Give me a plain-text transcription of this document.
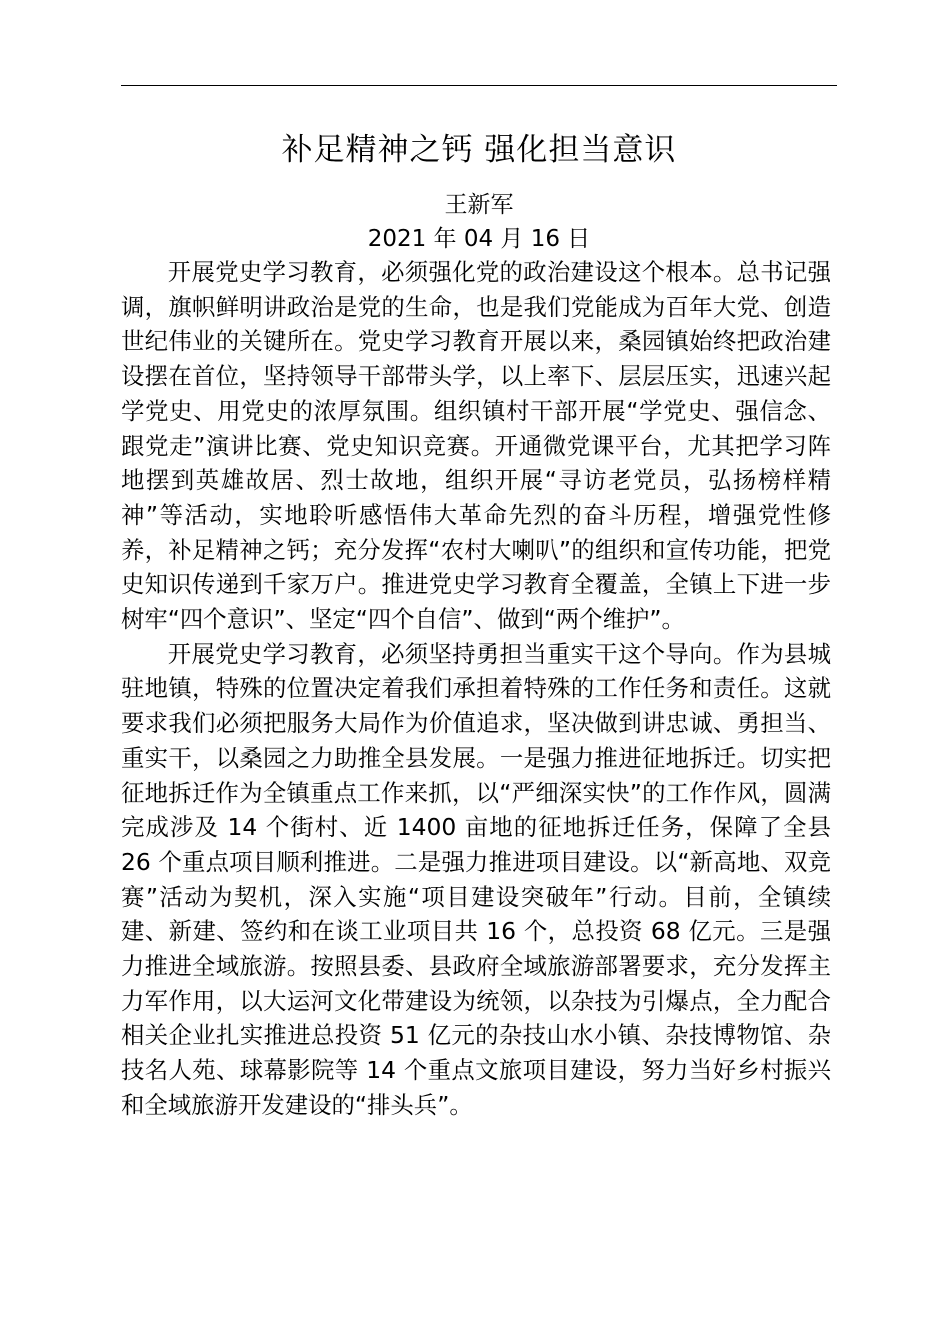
补足精神之钙 强化担当意识
王新军
2021 年 04 月 16 日

开展党史学习教育，必须强化党的政治建设这个根本。总书记强调，旗帜鲜明讲政治是党的生命，也是我们党能成为百年大党、创造世纪伟业的关键所在。党史学习教育开展以来，桑园镇始终把政治建设摆在首位，坚持领导干部带头学，以上率下、层层压实，迅速兴起学党史、用党史的浓厚氛围。组织镇村干部开展“学党史、强信念、跟党走”演讲比赛、党史知识竞赛。开通微党课平台，尤其把学习阵地摆到英雄故居、烈士故地，组织开展“寻访老党员，弘扬榜样精神”等活动，实地聆听感悟伟大革命先烈的奋斗历程，增强党性修养，补足精神之钙；充分发挥“农村大喇叭”的组织和宣传功能，把党史知识传递到千家万户。推进党史学习教育全覆盖，全镇上下进一步树牢“四个意识”、坚定“四个自信”、做到“两个维护”。

开展党史学习教育，必须坚持勇担当重实干这个导向。作为县城驻地镇，特殊的位置决定着我们承担着特殊的工作任务和责任。这就要求我们必须把服务大局作为价值追求，坚决做到讲忠诚、勇担当、重实干，以桑园之力助推全县发展。一是强力推进征地拆迁。切实把征地拆迁作为全镇重点工作来抓，以“严细深实快”的工作作风，圆满完成涉及 14 个街村、近 1400 亩地的征地拆迁任务，保障了全县 26 个重点项目顺利推进。二是强力推进项目建设。以“新高地、双竞赛”活动为契机，深入实施“项目建设突破年”行动。目前，全镇续建、新建、签约和在谈工业项目共 16 个，总投资 68 亿元。三是强力推进全域旅游。按照县委、县政府全域旅游部署要求，充分发挥主力军作用，以大运河文化带建设为统领，以杂技为引爆点，全力配合相关企业扎实推进总投资 51 亿元的杂技山水小镇、杂技博物馆、杂技名人苑、球幕影院等 14 个重点文旅项目建设，努力当好乡村振兴和全域旅游开发建设的“排头兵”。
